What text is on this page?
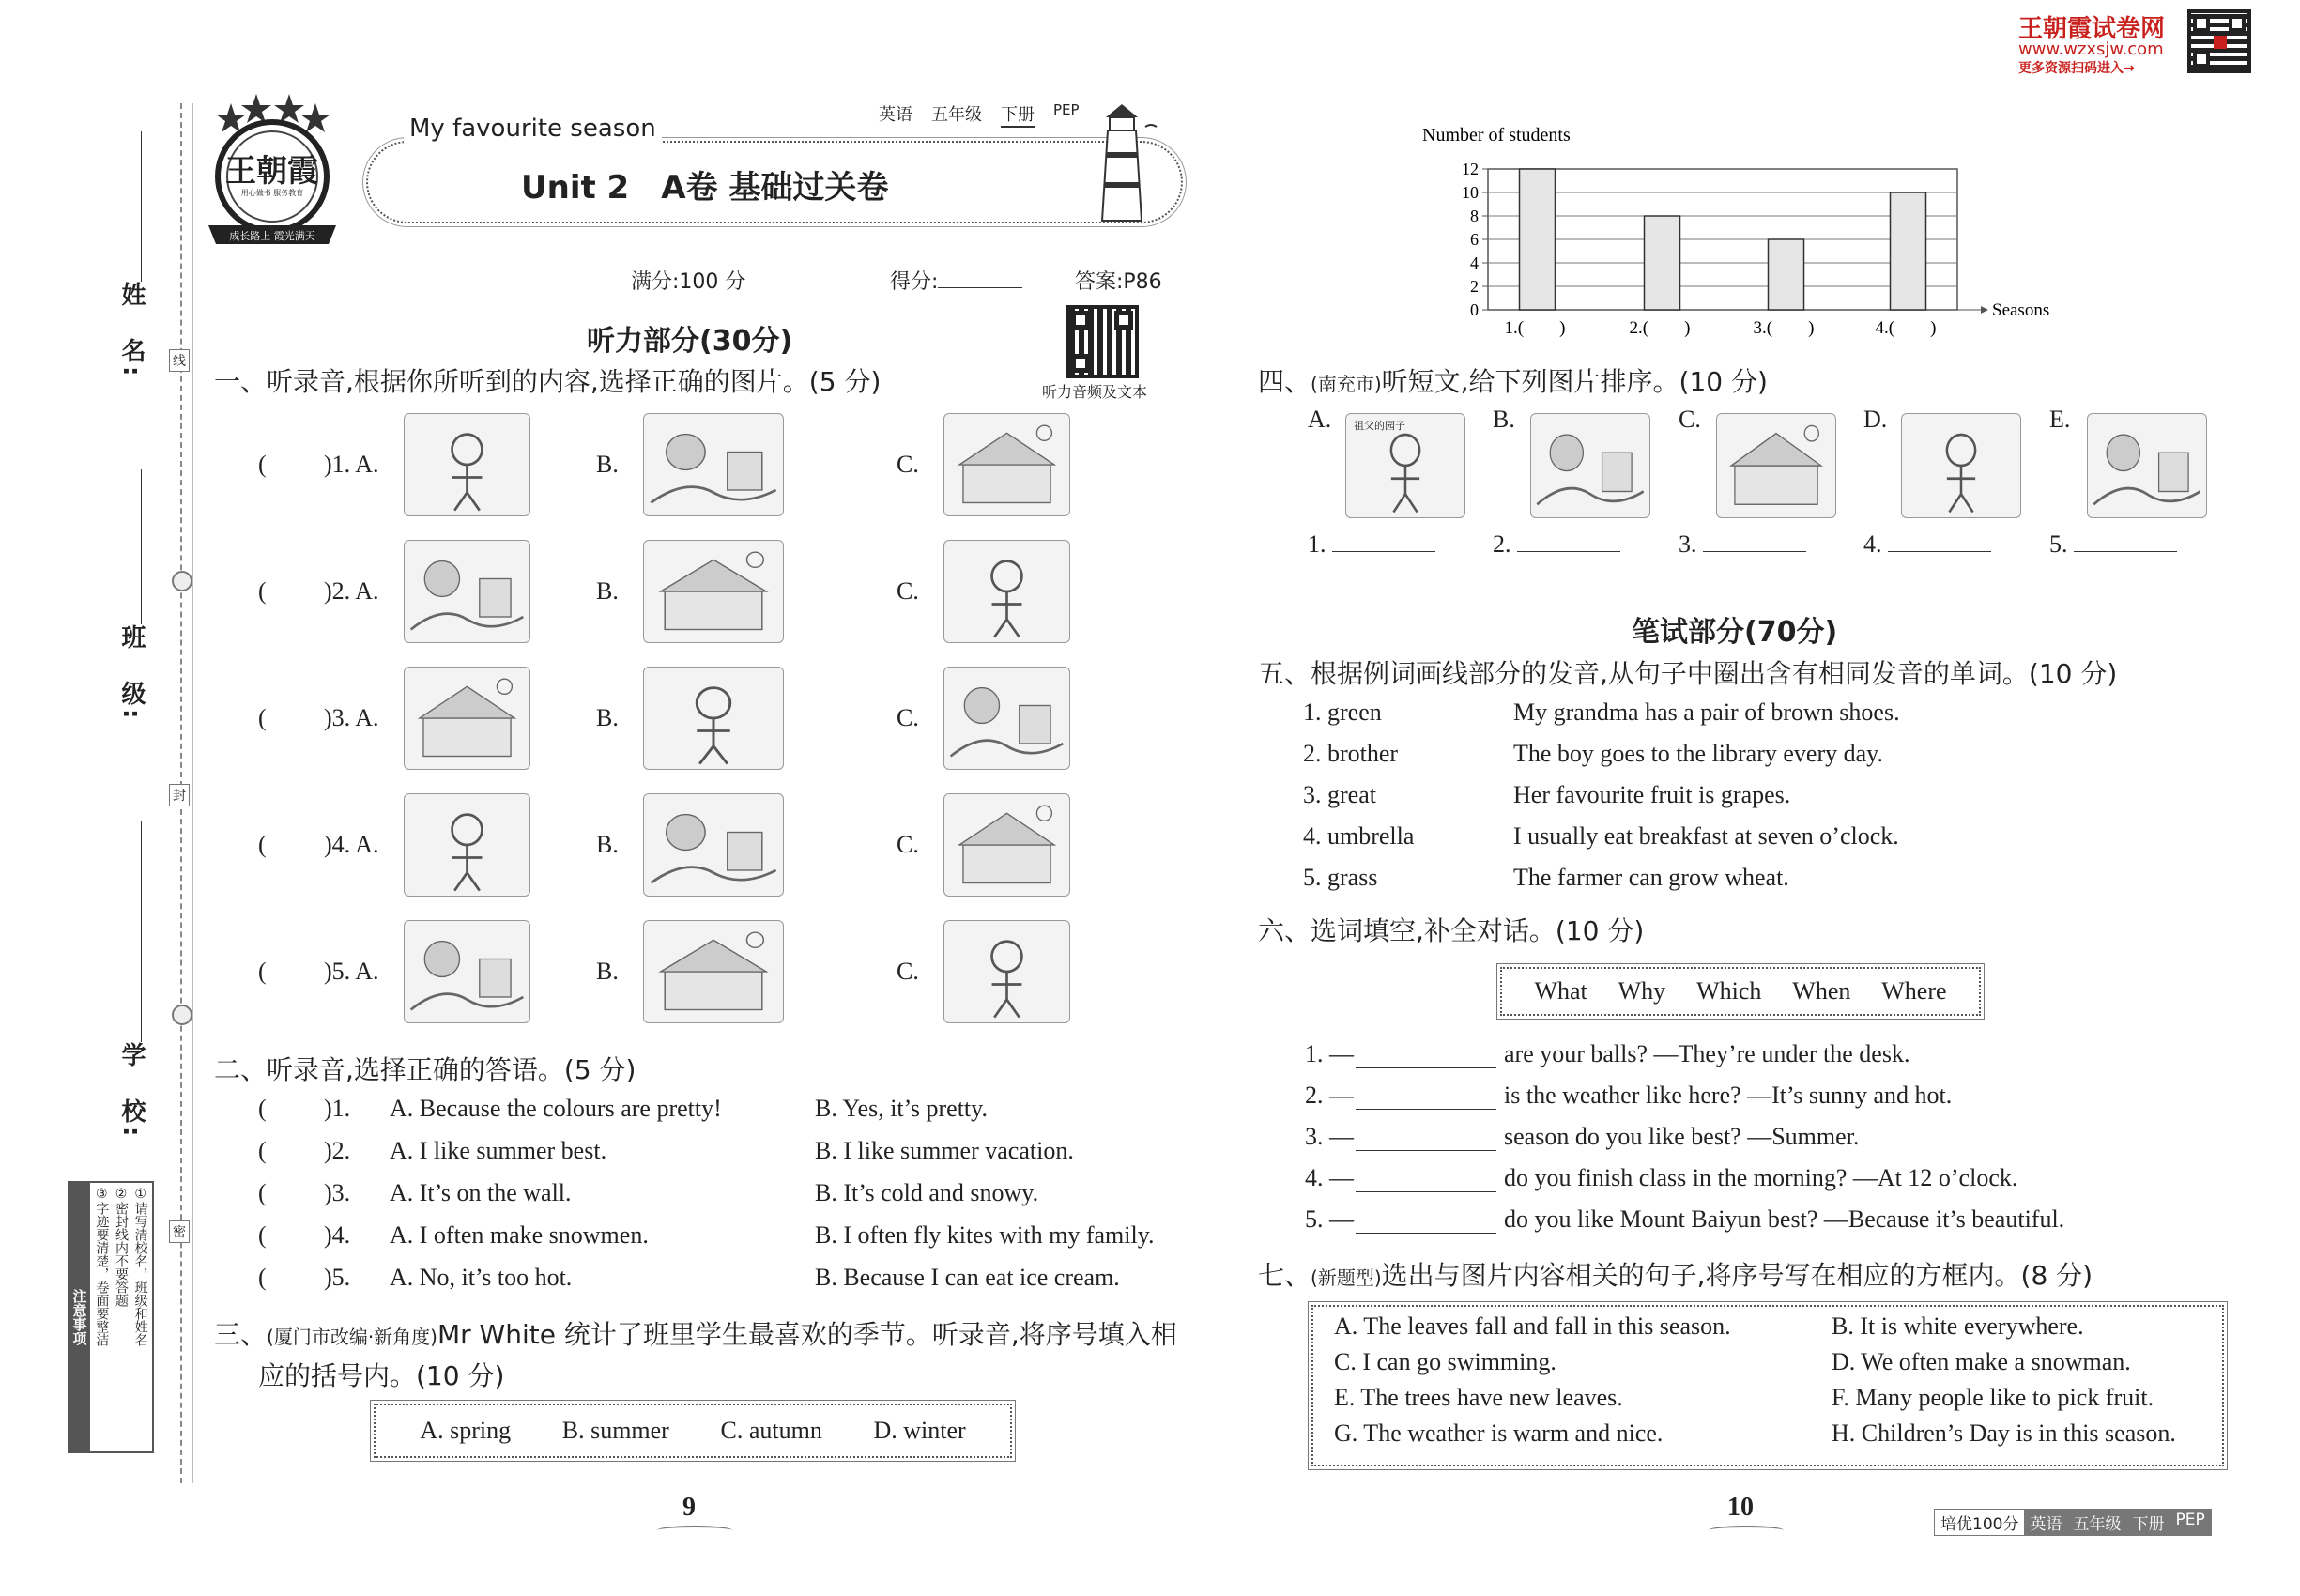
姓　名:
班　级:
学　校:
线
封
密
注意事项	①请写清校名，班级和姓名
②密封线内不要答题
③字迹要清楚，卷面要整洁
王朝霞
用心做书 服务教育
成长路上 霞光满天
My favourite season
Unit 2　A卷 基础过关卷
英语 五年级 下册 PEP
满分:100 分	得分:	答案:P86
听力音频及文本
听力部分(30分)
一、听录音,根据你所听到的内容,选择正确的图片。(5 分)
( )1. A.	B.	C.
( )2. A.	B.	C.
( )3. A.	B.	C.
( )4. A.	B.	C.
( )5. A.	B.	C.
二、听录音,选择正确的答语。(5 分)
( )1. A. Because the colours are pretty!	B. Yes, it’s pretty.
( )2. A. I like summer best.	B. I like summer vacation.
( )3. A. It’s on the wall.	B. It’s cold and snowy.
( )4. A. I often make snowmen.	B. I often fly kites with my family.
( )5. A. No, it’s too hot.	B. Because I can eat ice cream.
三、(厦门市改编·新角度)Mr White 统计了班里学生最喜欢的季节。听录音,将序号填入相
应的括号内。(10 分)
A. spring B. summer C. autumn D. winter
9
王朝霞试卷网
www.wzxsjw.com
更多资源扫码进入→
Number of students
0
2
4
6
8
10
12
Seasons
1.(　　)	2.(　　)	3.(　　)	4.(　　)
四、(南充市)听短文,给下列图片排序。(10 分)
A. 祖父的园子
1.
B.
2.
C.
3.
D.
4.
E.
5.
笔试部分(70分)
五、根据例词画线部分的发音,从句子中圈出含有相同发音的单词。(10 分)
1. green	My grandma has a pair of brown shoes.
2. brother	The boy goes to the library every day.
3. great	Her favourite fruit is grapes.
4. umbrella	I usually eat breakfast at seven o’clock.
5. grass	The farmer can grow wheat.
六、选词填空,补全对话。(10 分)
What Why Which When Where
1. —	are your balls? —They’re under the desk.
2. —	is the weather like here? —It’s sunny and hot.
3. —	season do you like best? —Summer.
4. —	do you finish class in the morning? —At 12 o’clock.
5. —	do you like Mount Baiyun best? —Because it’s beautiful.
七、(新题型)选出与图片内容相关的句子,将序号写在相应的方框内。(8 分)
A. The leaves fall and fall in this season.	B. It is white everywhere.
C. I can go swimming.	D. We often make a snowman.
E. The trees have new leaves.	F. Many people like to pick fruit.
G. The weather is warm and nice.	H. Children’s Day is in this season.
10
培优100分 英语 五年级 下册 PEP
